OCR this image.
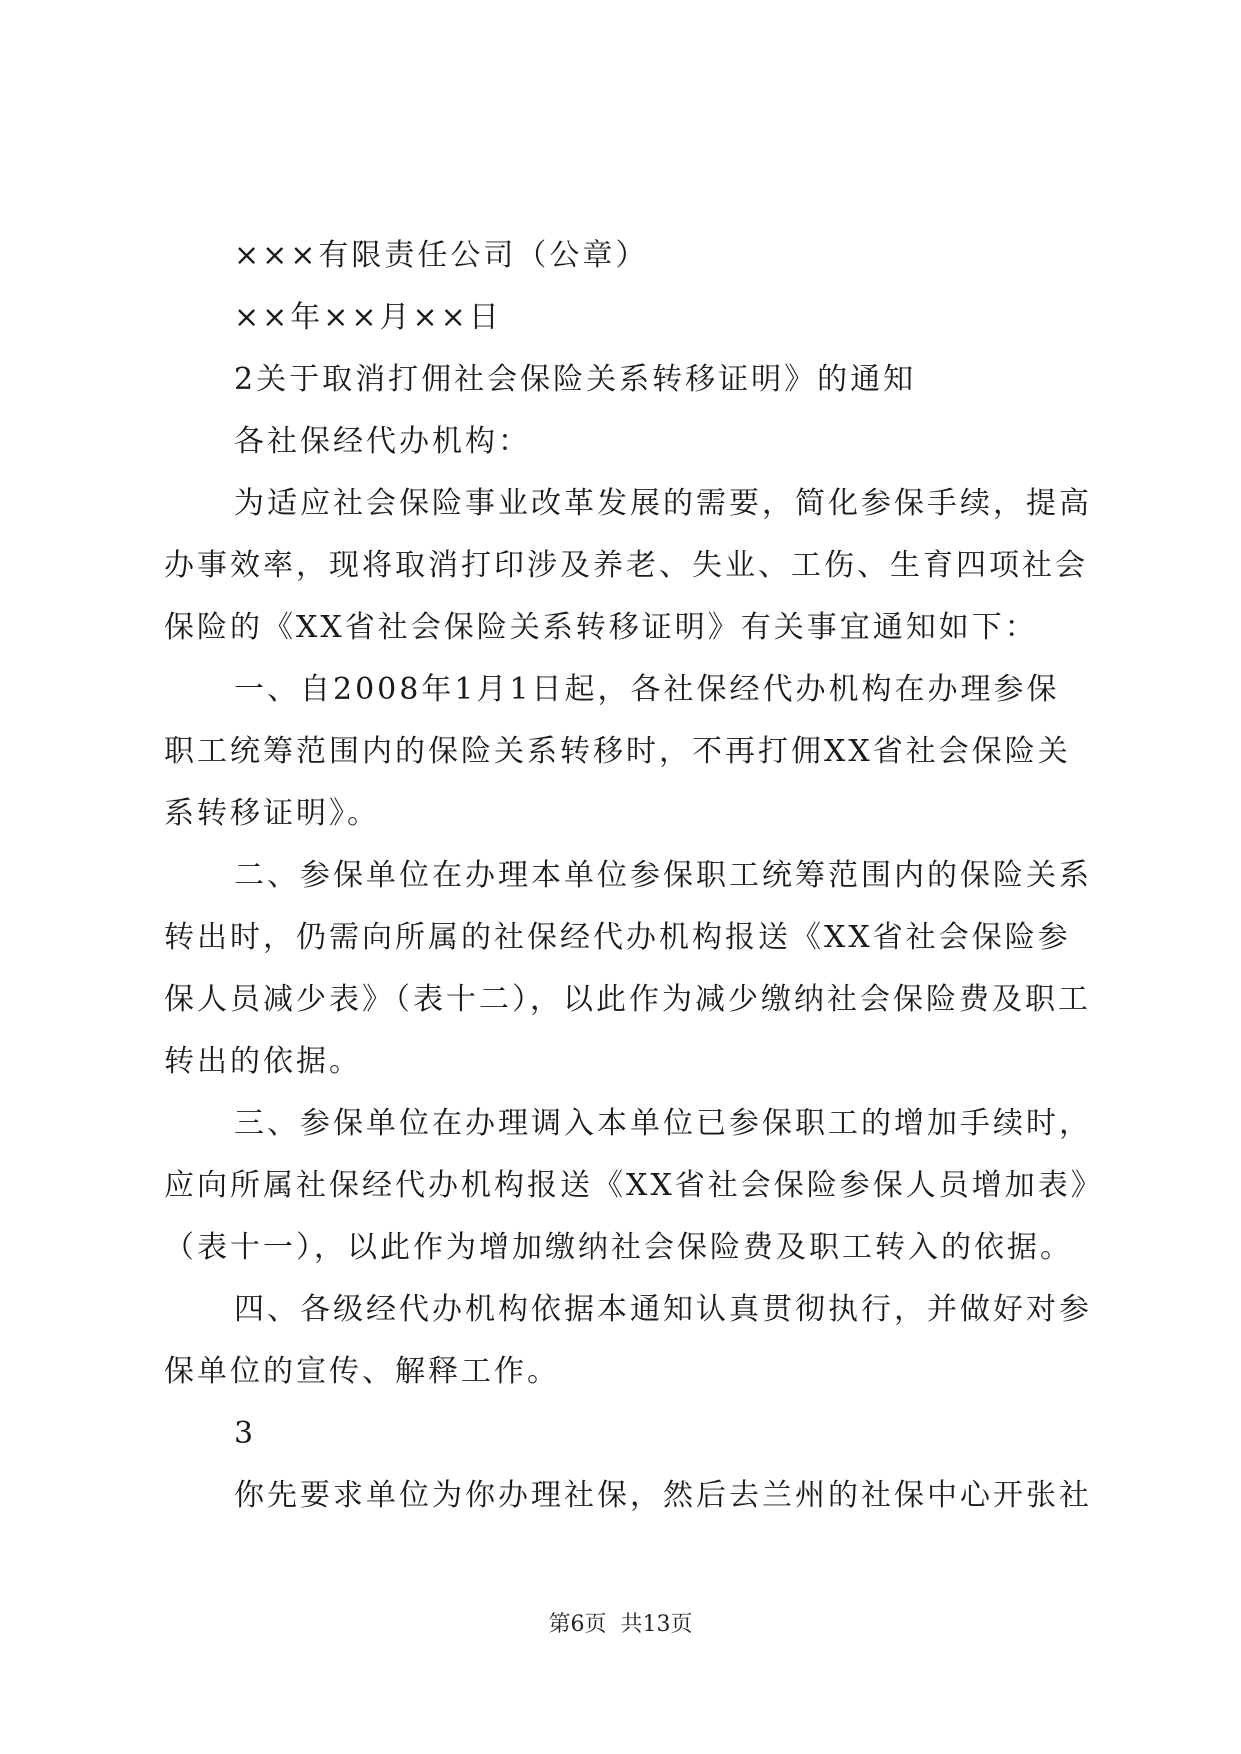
×××有限责任公司（公章）
××年××月××日
2关于取消打佣社会保险关系转移证明》的通知
各社保经代办机构：
为适应社会保险事业改革发展的需要，简化参保手续，提高
办事效率，现将取消打印涉及养老、失业、工伤、生育四项社会
保险的《XX省社会保险关系转移证明》有关事宜通知如下：
一、自2008年1月1日起，各社保经代办机构在办理参保
职工统筹范围内的保险关系转移时，不再打佣XX省社会保险关
系转移证明》。
二、参保单位在办理本单位参保职工统筹范围内的保险关系
转出时，仍需向所属的社保经代办机构报送《XX省社会保险参
保人员减少表》（表十二），以此作为减少缴纳社会保险费及职工
转出的依据。
三、参保单位在办理调入本单位已参保职工的增加手续时，
应向所属社保经代办机构报送《XX省社会保险参保人员增加表》
（表十一），以此作为增加缴纳社会保险费及职工转入的依据。
四、各级经代办机构依据本通知认真贯彻执行，并做好对参
保单位的宣传、解释工作。
3
你先要求单位为你办理社保，然后去兰州的社保中心开张社
第6页 共13页
